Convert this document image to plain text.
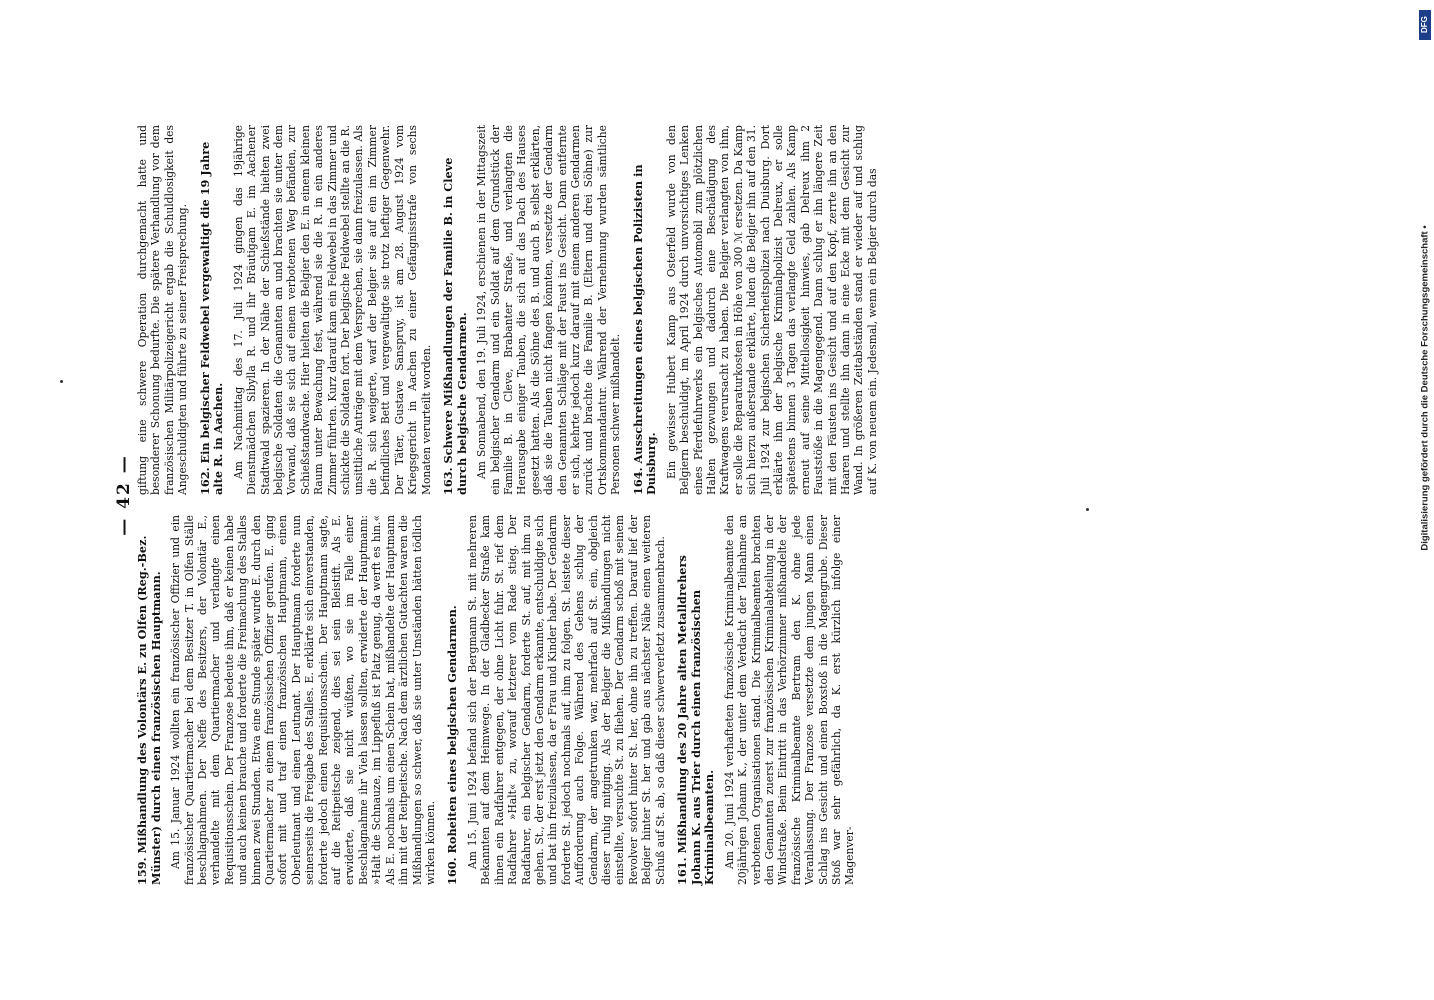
— 42 —
159.Mißhandlung des Volontärs E. zu Olfen (Reg.-Bez. Münster) durch einen französischen Hauptmann. Am 15. Januar 1924 wollten ein französischer Offizier und ein französischer Quartiermacher bei dem Besitzer T. in Olfen Ställe beschlagnahmen. Der Neffe des Besitzers, der Volontär E., verhandelte mit dem Quartiermacher und verlangte einen Requisitionsschein. Der Franzose bedeute ihm, daß er keinen habe und auch keinen brauche und forderte die Freimachung des Stalles binnen zwei Stunden. Etwa eine Stunde später wurde E. durch den Quartiermacher zu einem französischen Offizier gerufen. E. ging sofort mit und traf einen französischen Hauptmann, einen Oberleutnant und einen Leutnant. Der Hauptmann forderte nun seinerseits die Freigabe des Stalles. E. erklärte sich einverstanden, forderte jedoch einen Requisitionsschein. Der Hauptmann sagte, auf die Reitpeitsche zeigend, dies sei sein Bleistift. Als E. erwiderte, daß sie nicht wüßten, wo sie im Falle einer Beschlagnahme ihr Vieh lassen sollten, erwiderte der Hauptmann: »Halt die Schnauze, im Lippefluß ist Platz genug, da werft es hin.« Als E. nochmals um einen Schein bat, mißhandelte der Hauptmann ihn mit der Reitpeitsche. Nach dem ärztlichen Gutachten waren die Mißhandlungen so schwer, daß sie unter Umständen hätten tödlich wirken können. 160.Roheiten eines belgischen Gendarmen. Am 15. Juni 1924 befand sich der Bergmann St. mit mehreren Bekannten auf dem Heimwege. In der Gladbecker Straße kam ihnen ein Radfahrer entgegen, der ohne Licht fuhr. St. rief dem Radfahrer »Halt« zu, worauf letzterer vom Rade stieg. Der Radfahrer, ein belgischer Gendarm, forderte St. auf, mit ihm zu gehen. St., der erst jetzt den Gendarm erkannte, entschuldigte sich und bat ihn freizulassen, da er Frau und Kinder habe. Der Gendarm forderte St. jedoch nochmals auf, ihm zu folgen. St. leistete dieser Aufforderung auch Folge. Während des Gehens schlug der Gendarm, der angetrunken war, mehrfach auf St. ein, obgleich dieser ruhig mitging. Als der Belgier die Mißhandlungen nicht einstellte, versuchte St. zu fliehen. Der Gendarm schoß mit seinem Revolver sofort hinter St. her, ohne ihn zu treffen. Darauf lief der Belgier hinter St. her und gab aus nächster Nähe einen weiteren Schuß auf St. ab, so daß dieser schwerverletzt zusammenbrach. 161.Mißhandlung des 20 Jahre alten Metalldrehers Johann K. aus Trier durch einen französischen Kriminalbeamten. Am 20. Juni 1924 verhafteten französische Kriminalbeamte den 20jährigen Johann K., der unter dem Verdacht der Teilnahme an verbotenen Organisationen stand. Die Kriminalbeamten brachten den Genannten zuerst zur französischen Kriminalabteilung in der Windstraße. Beim Eintritt in das Verhörzimmer mißhandelte der französische Kriminalbeamte Bertram den K. ohne jede Veranlassung. Der Franzose versetzte dem jungen Mann einen Schlag ins Gesicht und einen Boxstoß in die Magengrube. Dieser Stoß war sehr gefährlich, da K. erst kürzlich infolge einer Magenver-

giftung eine schwere Operation durchgemacht hatte und besonderer Schonung bedurfte. Die spätere Verhandlung vor dem französischen Militärpolizeigericht ergab die Schuldlosigkeit des Angeschuldigten und führte zu seiner Freisprechung. 162.Ein belgischer Feldwebel vergewaltigt die 19 Jahre alte R. in Aachen. Am Nachmittag des 17. Juli 1924 gingen das 19jährige Dienstmädchen Sibylla R. und ihr Bräutigam E. im Aachener Stadtwald spazieren. In der Nähe der Schießstände hielten zwei belgische Soldaten die Genannten an und brachten sie unter dem Vorwand, daß sie sich auf einem verbotenen Weg befänden, zur Schießstandwache. Hier hielten die Belgier den E. in einem kleinen Raum unter Bewachung fest, während sie die R. in ein anderes Zimmer führten. Kurz darauf kam ein Feldwebel in das Zimmer und schickte die Soldaten fort. Der belgische Feldwebel stellte an die R. unsittliche Anträge mit dem Versprechen, sie dann freizulassen. Als die R. sich weigerte, warf der Belgier sie auf ein im Zimmer befindliches Bett und vergewaltigte sie trotz heftiger Gegenwehr. Der Täter, Gustave Sanspruy, ist am 28. August 1924 vom Kriegsgericht in Aachen zu einer Gefängnisstrafe von sechs Monaten verurteilt worden. 163.Schwere Mißhandlungen der Familie B. in Cleve durch belgische Gendarmen. Am Sonnabend, den 19. Juli 1924, erschienen in der Mittagszeit ein belgischer Gendarm und ein Soldat auf dem Grundstück der Familie B. in Cleve, Brabanter Straße, und verlangten die Herausgabe einiger Tauben, die sich auf das Dach des Hauses gesetzt hatten. Als die Söhne des B. und auch B. selbst erklärten, daß sie die Tauben nicht fangen könnten, versetzte der Gendarm den Genannten Schläge mit der Faust ins Gesicht. Dann entfernte er sich, kehrte jedoch kurz darauf mit einem anderen Gendarmen zurück und brachte die Familie B. (Eltern und drei Söhne) zur Ortskommandantur. Während der Vernehmung wurden sämtliche Personen schwer mißhandelt. 164.Ausschreitungen eines belgischen Polizisten in Duisburg. Ein gewisser Hubert Kamp aus Osterfeld wurde von den Belgiern beschuldigt, im April 1924 durch unvorsichtiges Lenken eines Pferdefuhrwerks ein belgisches Automobil zum plötzlichen Halten gezwungen und dadurch eine Beschädigung des Kraftwagens verursacht zu haben. Die Belgier verlangten von ihm, er solle die Reparaturkosten in Höhe von 300 ℳ ersetzen. Da Kamp sich hierzu außerstande erklärte, luden die Belgier ihn auf den 31. Juli 1924 zur belgischen Sicherheitspolizei nach Duisburg. Dort erklärte ihm der belgische Kriminalpolizist Delreux, er solle spätestens binnen 3 Tagen das verlangte Geld zahlen. Als Kamp erneut auf seine Mittellosigkeit hinwies, gab Delreux ihm 2 Fauststöße in die Magengegend. Dann schlug er ihn längere Zeit mit den Fäusten ins Gesicht und auf den Kopf, zerrte ihn an den Haaren und stellte ihn dann in eine Ecke mit dem Gesicht zur Wand. In größeren Zeitabständen stand er wieder auf und schlug auf K. von neuem ein. Jedesmal, wenn ein Belgier durch das

DFG
Digitalisierung gefördert durch die Deutsche Forschungsgemeinschaft •
